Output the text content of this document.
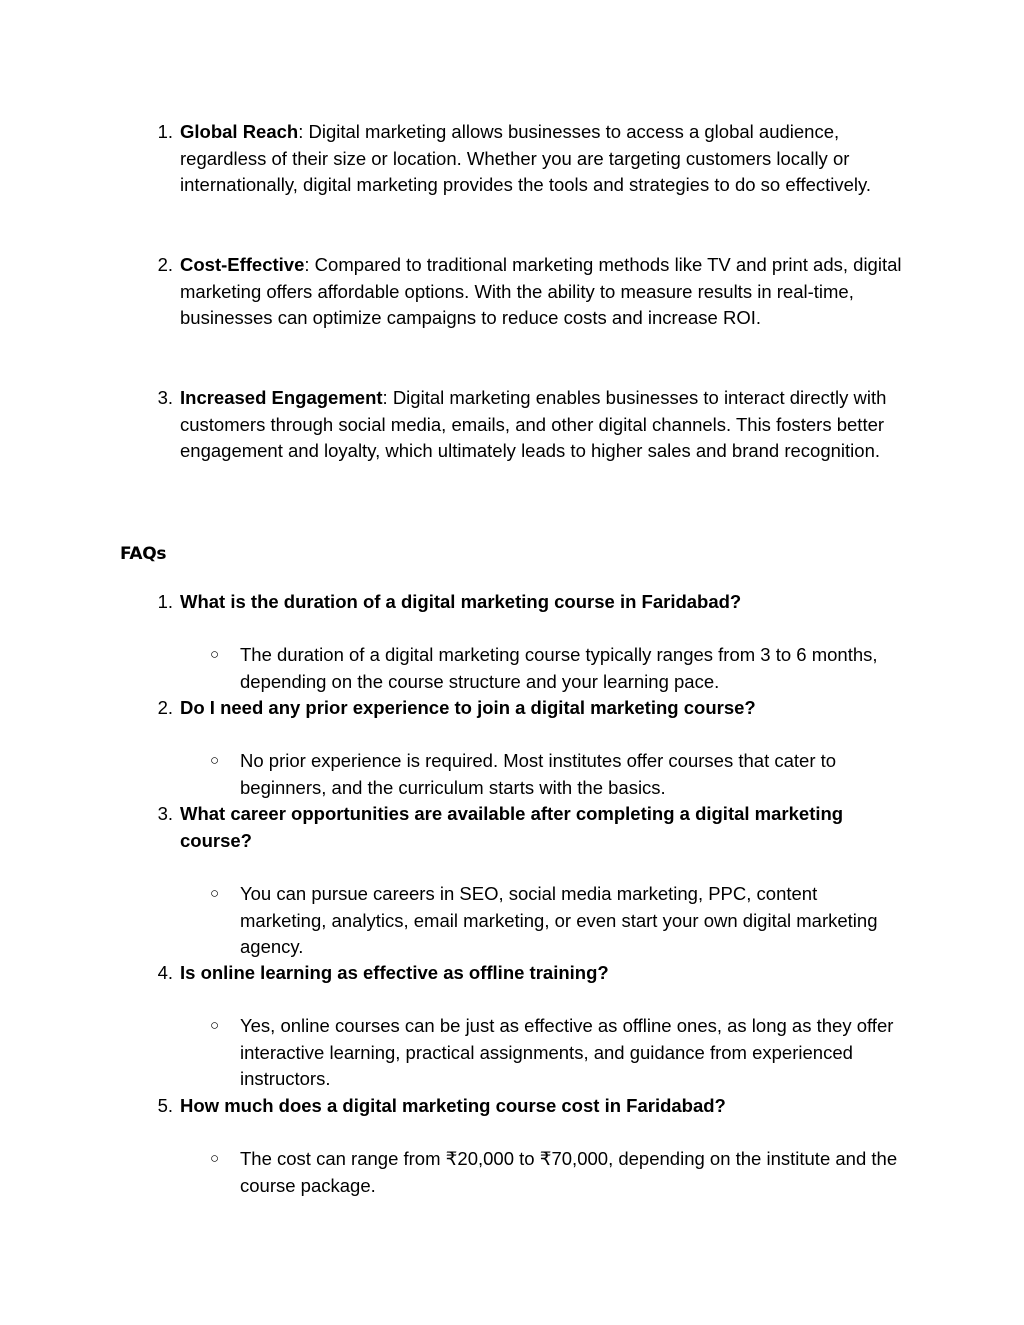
1. Global Reach: Digital marketing allows businesses to access a global audience, regardless of their size or location. Whether you are targeting customers locally or internationally, digital marketing provides the tools and strategies to do so effectively.
2. Cost-Effective: Compared to traditional marketing methods like TV and print ads, digital marketing offers affordable options. With the ability to measure results in real-time, businesses can optimize campaigns to reduce costs and increase ROI.
3. Increased Engagement: Digital marketing enables businesses to interact directly with customers through social media, emails, and other digital channels. This fosters better engagement and loyalty, which ultimately leads to higher sales and brand recognition.
FAQs
1. What is the duration of a digital marketing course in Faridabad?
○ The duration of a digital marketing course typically ranges from 3 to 6 months, depending on the course structure and your learning pace.
2. Do I need any prior experience to join a digital marketing course?
○ No prior experience is required. Most institutes offer courses that cater to beginners, and the curriculum starts with the basics.
3. What career opportunities are available after completing a digital marketing course?
○ You can pursue careers in SEO, social media marketing, PPC, content marketing, analytics, email marketing, or even start your own digital marketing agency.
4. Is online learning as effective as offline training?
○ Yes, online courses can be just as effective as offline ones, as long as they offer interactive learning, practical assignments, and guidance from experienced instructors.
5. How much does a digital marketing course cost in Faridabad?
○ The cost can range from ₹20,000 to ₹70,000, depending on the institute and the course package.
